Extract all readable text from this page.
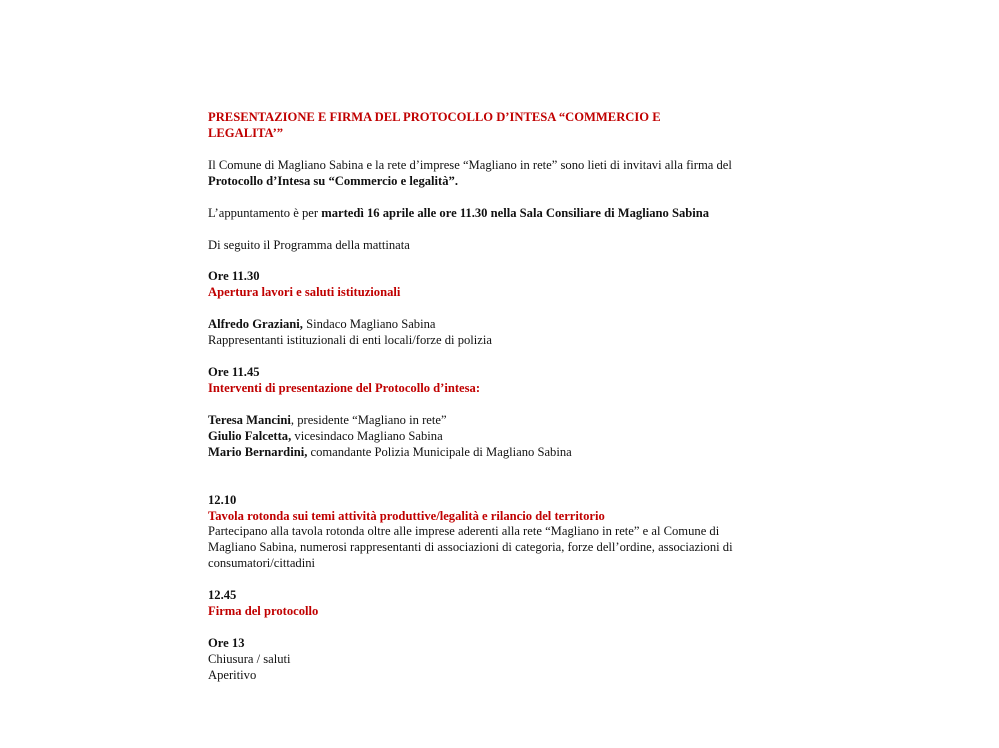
PRESENTAZIONE E FIRMA DEL PROTOCOLLO D’INTESA “COMMERCIO E LEGALITA’”

Il Comune di Magliano Sabina e la rete d’imprese “Magliano in rete” sono lieti di invitavi alla firma del Protocollo d’Intesa su “Commercio e legalità”.

L’appuntamento è per martedì 16 aprile alle ore 11.30 nella Sala Consiliare di Magliano Sabina

Di seguito il Programma della mattinata

Ore 11.30

Apertura lavori e saluti istituzionali

Alfredo Graziani, Sindaco Magliano Sabina

Rappresentanti istituzionali di enti locali/forze di polizia

Ore 11.45

Interventi di presentazione del Protocollo d’intesa:

Teresa Mancini, presidente “Magliano in rete”

Giulio Falcetta, vicesindaco Magliano Sabina

Mario Bernardini, comandante Polizia Municipale di Magliano Sabina

12.10

Tavola rotonda sui temi attività produttive/legalità e rilancio del territorio

Partecipano alla tavola rotonda oltre alle imprese aderenti alla rete “Magliano in rete” e al Comune di Magliano Sabina, numerosi rappresentanti di associazioni di categoria, forze dell’ordine, associazioni di consumatori/cittadini

12.45

Firma del protocollo

Ore 13

Chiusura / saluti

Aperitivo
